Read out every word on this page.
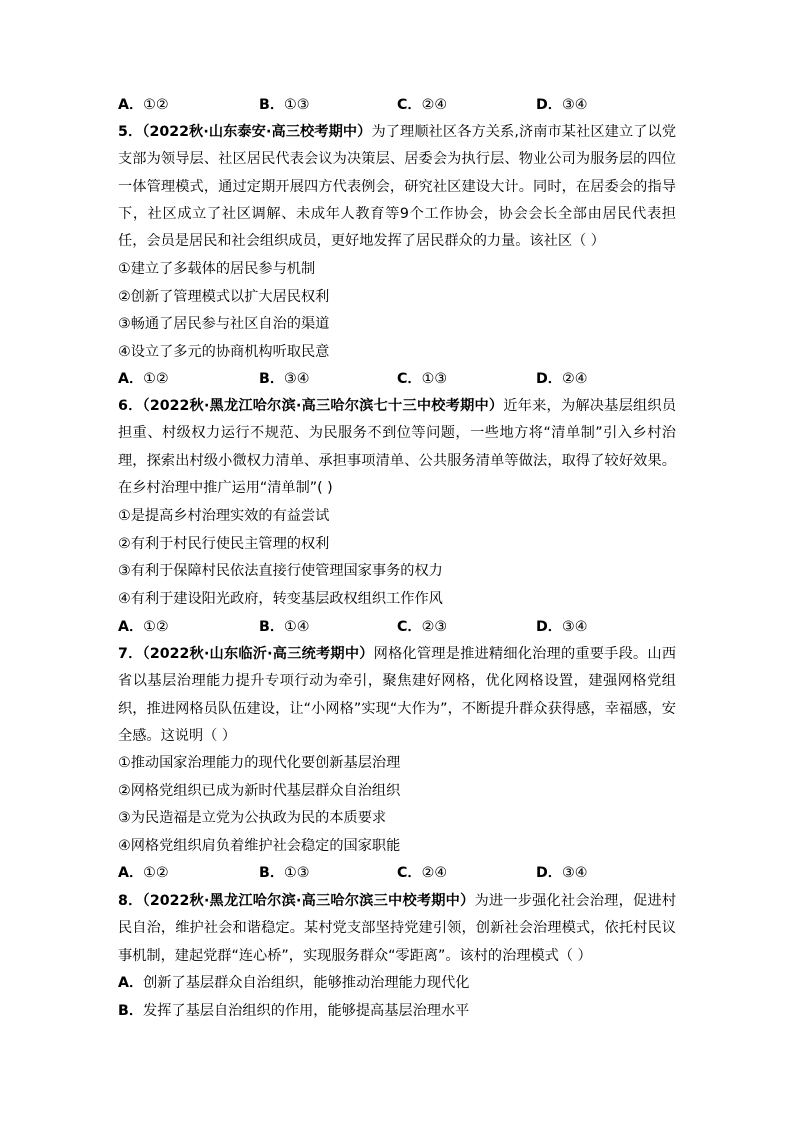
A．①②	B．①③	C．②④	D．③④

5．（2022秋·山东泰安·高三校考期中）为了理顺社区各方关系,济南市某社区建立了以党支部为领导层、社区居民代表会议为决策层、居委会为执行层、物业公司为服务层的四位一体管理模式，通过定期开展四方代表例会，研究社区建设大计。同时，在居委会的指导下，社区成立了社区调解、未成年人教育等9个工作协会，协会会长全部由居民代表担任，会员是居民和社会组织成员，更好地发挥了居民群众的力量。该社区（ ）

①建立了多载体的居民参与机制
②创新了管理模式以扩大居民权利
③畅通了居民参与社区自治的渠道
④设立了多元的协商机构听取民意
A．①②	B．③④	C．①③	D．②④

6．（2022秋·黑龙江哈尔滨·高三哈尔滨七十三中校考期中）近年来，为解决基层组织员担重、村级权力运行不规范、为民服务不到位等问题，一些地方将“清单制”引入乡村治理，探索出村级小微权力清单、承担事项清单、公共服务清单等做法，取得了较好效果。在乡村治理中推广运用“清单制”( )

①是提高乡村治理实效的有益尝试
②有利于村民行使民主管理的权利
③有利于保障村民依法直接行使管理国家事务的权力
④有利于建设阳光政府，转变基层政权组织工作作风
A．①②	B．①④	C．②③	D．③④

7．（2022秋·山东临沂·高三统考期中）网格化管理是推进精细化治理的重要手段。山西省以基层治理能力提升专项行动为牵引，聚焦建好网格，优化网格设置，建强网格党组织，推进网格员队伍建设，让“小网格”实现“大作为”，不断提升群众获得感，幸福感，安全感。这说明（ ）

①推动国家治理能力的现代化要创新基层治理
②网格党组织已成为新时代基层群众自治组织
③为民造福是立党为公执政为民的本质要求
④网格党组织肩负着维护社会稳定的国家职能
A．①②	B．①③	C．②④	D．③④

8．（2022秋·黑龙江哈尔滨·高三哈尔滨三中校考期中）为进一步强化社会治理，促进村民自治，维护社会和谐稳定。某村党支部坚持党建引领，创新社会治理模式，依托村民议事机制，建起党群“连心桥”，实现服务群众“零距离”。该村的治理模式（ ）

A．创新了基层群众自治组织，能够推动治理能力现代化
B．发挥了基层自治组织的作用，能够提高基层治理水平
